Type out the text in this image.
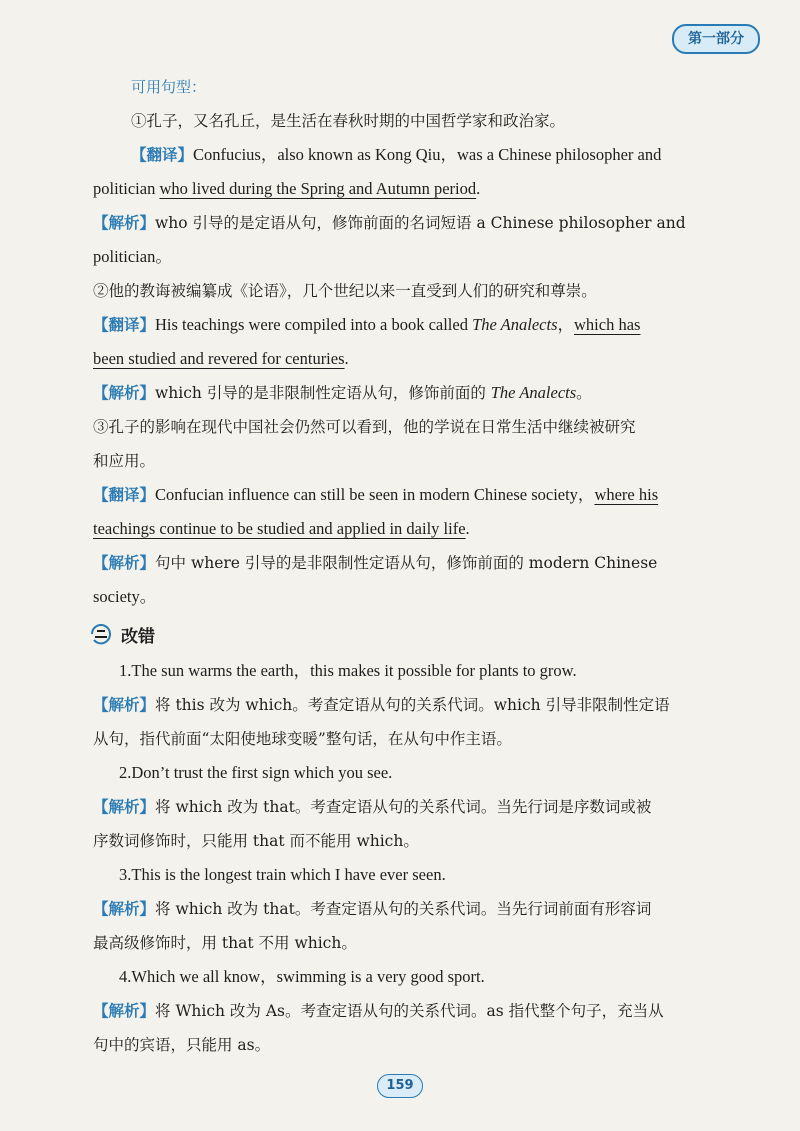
第一部分
可用句型：
①孔子，又名孔丘，是生活在春秋时期的中国哲学家和政治家。
【翻译】Confucius，also known as Kong Qiu，was a Chinese philosopher and
politician who lived during the Spring and Autumn period.
【解析】who 引导的是定语从句，修饰前面的名词短语 a Chinese philosopher and
politician。
②他的教诲被编纂成《论语》，几个世纪以来一直受到人们的研究和尊崇。
【翻译】His teachings were compiled into a book called The Analects，which has
been studied and revered for centuries.
【解析】which 引导的是非限制性定语从句，修饰前面的 The Analects。
③孔子的影响在现代中国社会仍然可以看到，他的学说在日常生活中继续被研究
和应用。
【翻译】Confucian influence can still be seen in modern Chinese society，where his
teachings continue to be studied and applied in daily life.
【解析】句中 where 引导的是非限制性定语从句，修饰前面的 modern Chinese
society。
改错
1.The sun warms the earth，this makes it possible for plants to grow.
【解析】将 this 改为 which。考查定语从句的关系代词。which 引导非限制性定语
从句，指代前面“太阳使地球变暖”整句话，在从句中作主语。
2.Don’t trust the first sign which you see.
【解析】将 which 改为 that。考查定语从句的关系代词。当先行词是序数词或被
序数词修饰时，只能用 that 而不能用 which。
3.This is the longest train which I have ever seen.
【解析】将 which 改为 that。考查定语从句的关系代词。当先行词前面有形容词
最高级修饰时，用 that 不用 which。
4.Which we all know，swimming is a very good sport.
【解析】将 Which 改为 As。考查定语从句的关系代词。as 指代整个句子，充当从
句中的宾语，只能用 as。
159
